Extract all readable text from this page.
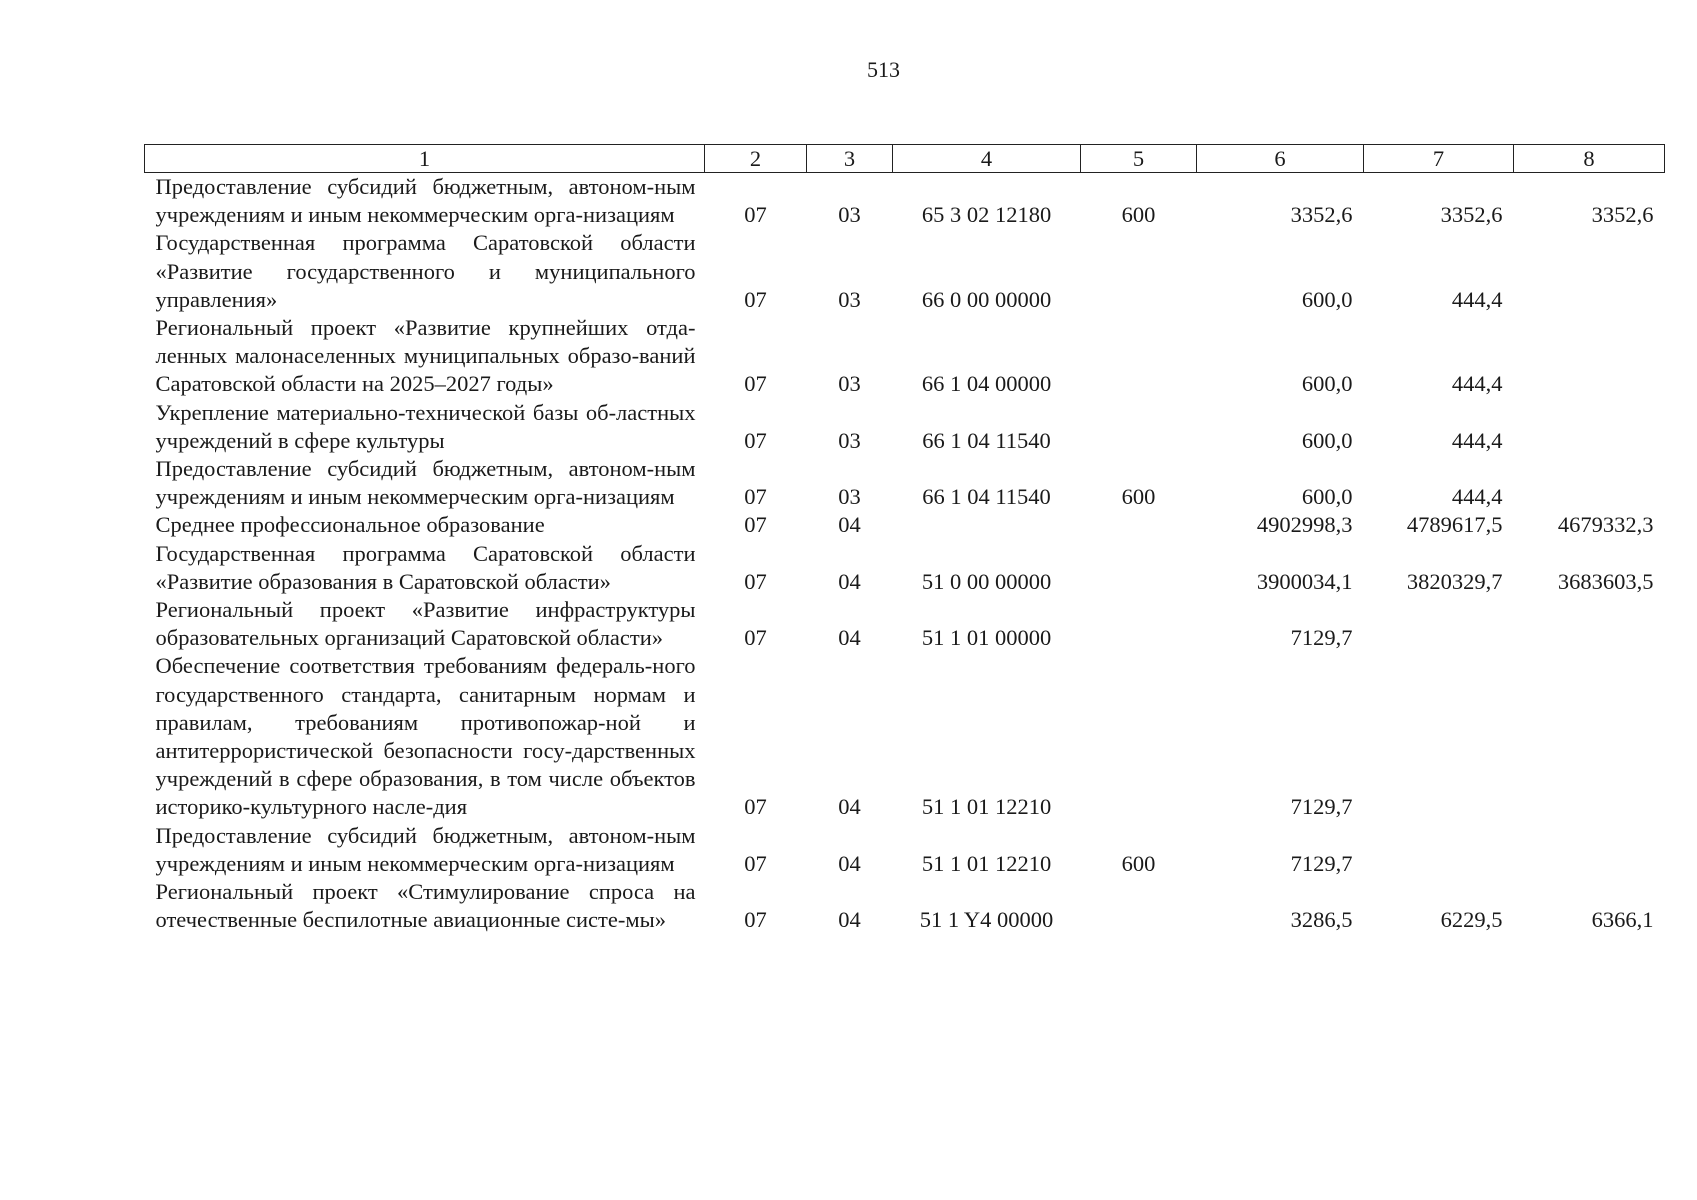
513
1	2	3	4	5	6	7	8

Предоставление субсидий бюджетным, автоном-ным учреждениям и иным некоммерческим орга-низациям	07	03	65 3 02 12180	600	3352,6	3352,6	3352,6

Государственная программа Саратовской области «Развитие государственного и муниципального управления»	07	03	66 0 00 00000		600,0	444,4	

Региональный проект «Развитие крупнейших отда-ленных малонаселенных муниципальных образо-ваний Саратовской области на 2025–2027 годы»	07	03	66 1 04 00000		600,0	444,4	

Укрепление материально-технической базы об-ластных учреждений в сфере культуры	07	03	66 1 04 11540		600,0	444,4	

Предоставление субсидий бюджетным, автоном-ным учреждениям и иным некоммерческим орга-низациям	07	03	66 1 04 11540	600	600,0	444,4	

Среднее профессиональное образование	07	04			4902998,3	4789617,5	4679332,3

Государственная программа Саратовской области «Развитие образования в Саратовской области»	07	04	51 0 00 00000		3900034,1	3820329,7	3683603,5

Региональный проект «Развитие инфраструктуры образовательных организаций Саратовской области»	07	04	51 1 01 00000		7129,7		

Обеспечение соответствия требованиям федераль-ного государственного стандарта, санитарным нормам и правилам, требованиям противопожар-ной и антитеррористической безопасности госу-дарственных учреждений в сфере образования, в том числе объектов историко-культурного насле-дия	07	04	51 1 01 12210		7129,7		

Предоставление субсидий бюджетным, автоном-ным учреждениям и иным некоммерческим орга-низациям	07	04	51 1 01 12210	600	7129,7		

Региональный проект «Стимулирование спроса на отечественные беспилотные авиационные систе-мы»	07	04	51 1 Y4 00000		3286,5	6229,5	6366,1
